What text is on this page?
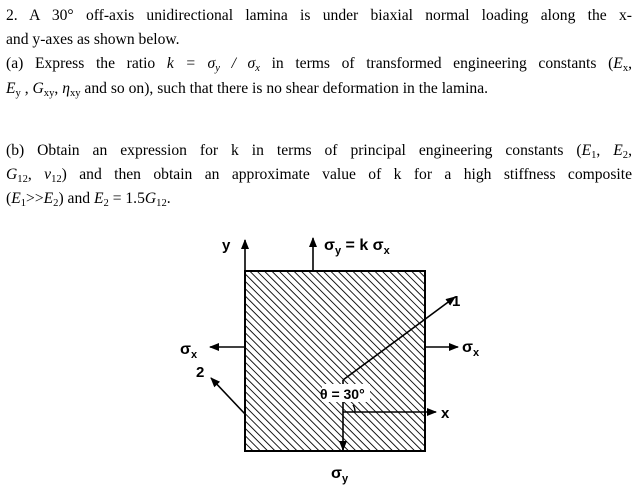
2. A 30° off-axis unidirectional lamina is under biaxial normal loading along the x-
and y-axes as shown below.
(a) Express the ratio $k = \sigma_y / \sigma_x$ in terms of transformed engineering constants ($E_x$,
$E_y$ , $G_{xy}$, $\eta_{xy}$ and so on), such that there is no shear deformation in the lamina.
(b) Obtain an expression for k in terms of principal engineering constants ($E_1$, $E_2$,
$G_{12}$, $\nu_{12}$) and then obtain an approximate value of k for a high stiffness composite
$(E_1>>E_2)$ and $E_2 = 1.5G_{12}$.
y	$\sigma_y = k$ $\sigma_x$
$\sigma_x$
$\sigma_x$
$\sigma_y$
1
2
x
θ = 30°
